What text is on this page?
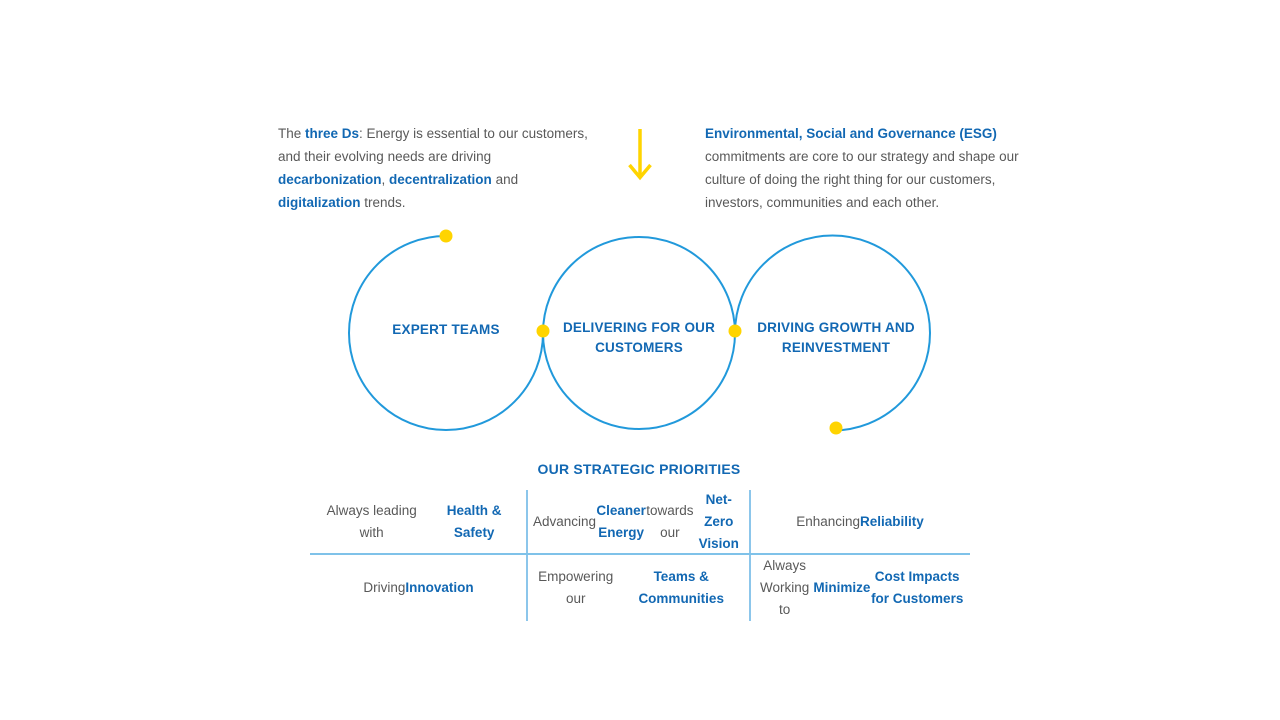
The three Ds: Energy is essential to our customers, and their evolving needs are driving decarbonization, decentralization and digitalization trends.
Environmental, Social and Governance (ESG) commitments are core to our strategy and shape our culture of doing the right thing for our customers, investors, communities and each other.
EXPERT TEAMS	DELIVERING FOR OUR
CUSTOMERS
DRIVING GROWTH AND
REINVESTMENT
OUR STRATEGIC PRIORITIES
Always leading with

Health & Safety
Advancing
Cleaner Energy

towards our
Net-Zero Vision
Enhancing Reliability
Driving Innovation
Empowering our

Teams & Communities
Always Working to
Minimize

Cost Impacts for Customers
